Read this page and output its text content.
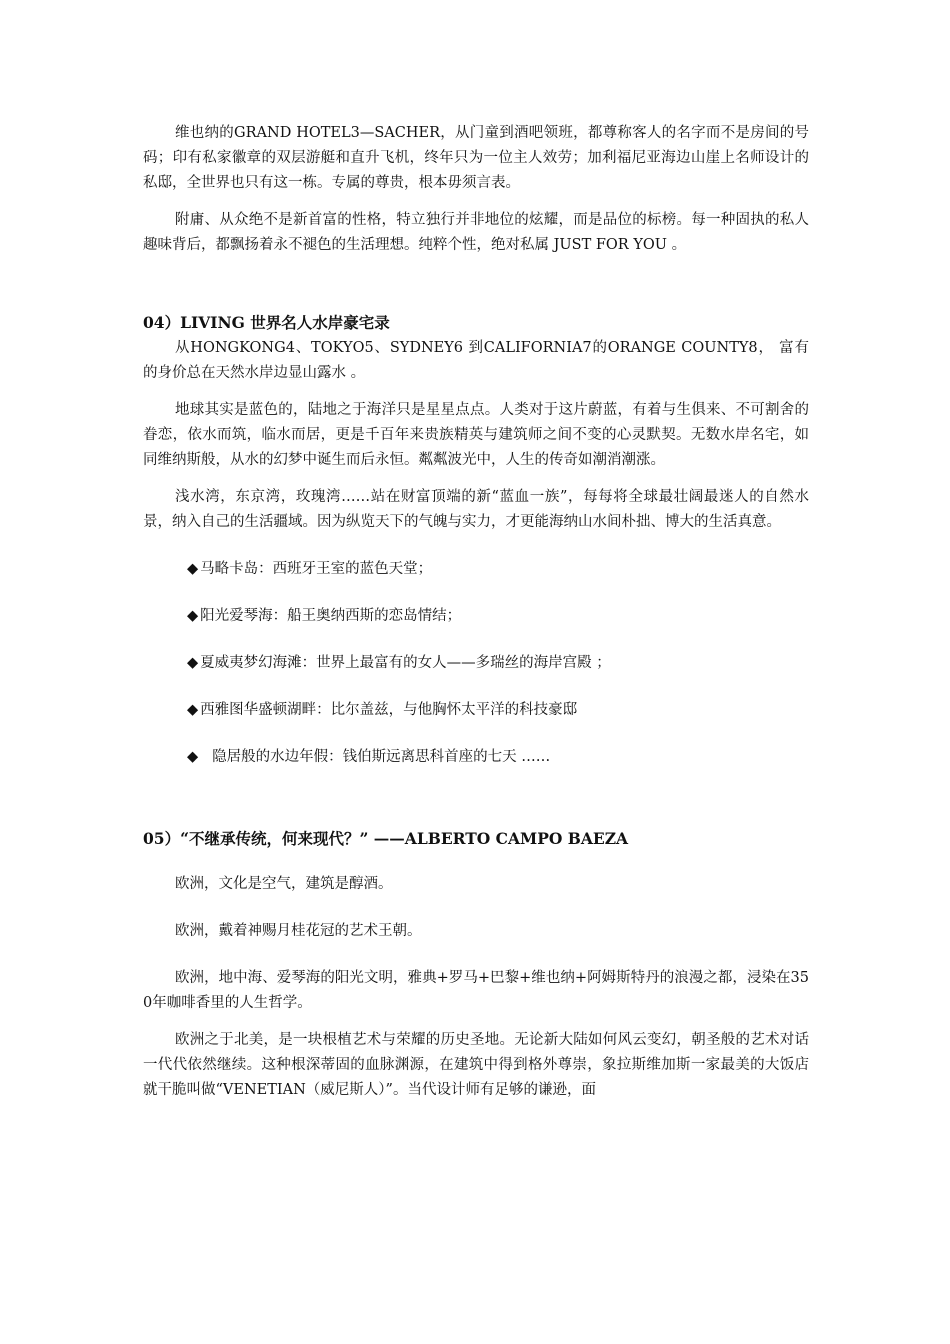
维也纳的GRAND HOTEL3—SACHER，从门童到酒吧领班，都尊称客人的名字而不是房间的号码；印有私家徽章的双层游艇和直升飞机，终年只为一位主人效劳；加利福尼亚海边山崖上名师设计的私邸，全世界也只有这一栋。专属的尊贵，根本毋须言表。

附庸、从众绝不是新首富的性格，特立独行并非地位的炫耀，而是品位的标榜。每一种固执的私人趣味背后，都飘扬着永不褪色的生活理想。纯粹个性，绝对私属 JUST FOR YOU 。

04）LIVING 世界名人水岸豪宅录

从HONGKONG4、TOKYO5、SYDNEY6 到CALIFORNIA7的ORANGE COUNTY8， 富有的身价总在天然水岸边显山露水 。

地球其实是蓝色的，陆地之于海洋只是星星点点。人类对于这片蔚蓝，有着与生俱来、不可割舍的眷恋，依水而筑，临水而居，更是千百年来贵族精英与建筑师之间不变的心灵默契。无数水岸名宅，如同维纳斯般，从水的幻梦中诞生而后永恒。粼粼波光中，人生的传奇如潮消潮涨。

浅水湾，东京湾，玫瑰湾……站在财富顶端的新“蓝血一族”，每每将全球最壮阔最迷人的自然水景，纳入自己的生活疆域。因为纵览天下的气魄与实力，才更能海纳山水间朴拙、博大的生活真意。

◆ 马略卡岛：西班牙王室的蓝色天堂；
◆ 阳光爱琴海：船王奥纳西斯的恋岛情结；
◆ 夏威夷梦幻海滩：世界上最富有的女人——多瑞丝的海岸宫殿 ；
◆ 西雅图华盛顿湖畔：比尔盖兹，与他胸怀太平洋的科技豪邸
◆ 隐居般的水边年假：钱伯斯远离思科首座的七天 ……
05）“不继承传统，何来现代？” ——ALBERTO CAMPO BAEZA

欧洲，文化是空气，建筑是醇酒。

欧洲，戴着神赐月桂花冠的艺术王朝。

欧洲，地中海、爱琴海的阳光文明，雅典+罗马+巴黎+维也纳+阿姆斯特丹的浪漫之都，浸染在350年咖啡香里的人生哲学。

欧洲之于北美，是一块根植艺术与荣耀的历史圣地。无论新大陆如何风云变幻，朝圣般的艺术对话一代代依然继续。这种根深蒂固的血脉渊源，在建筑中得到格外尊崇，象拉斯维加斯一家最美的大饭店就干脆叫做“VENETIAN（威尼斯人）”。当代设计师有足够的谦逊，面
